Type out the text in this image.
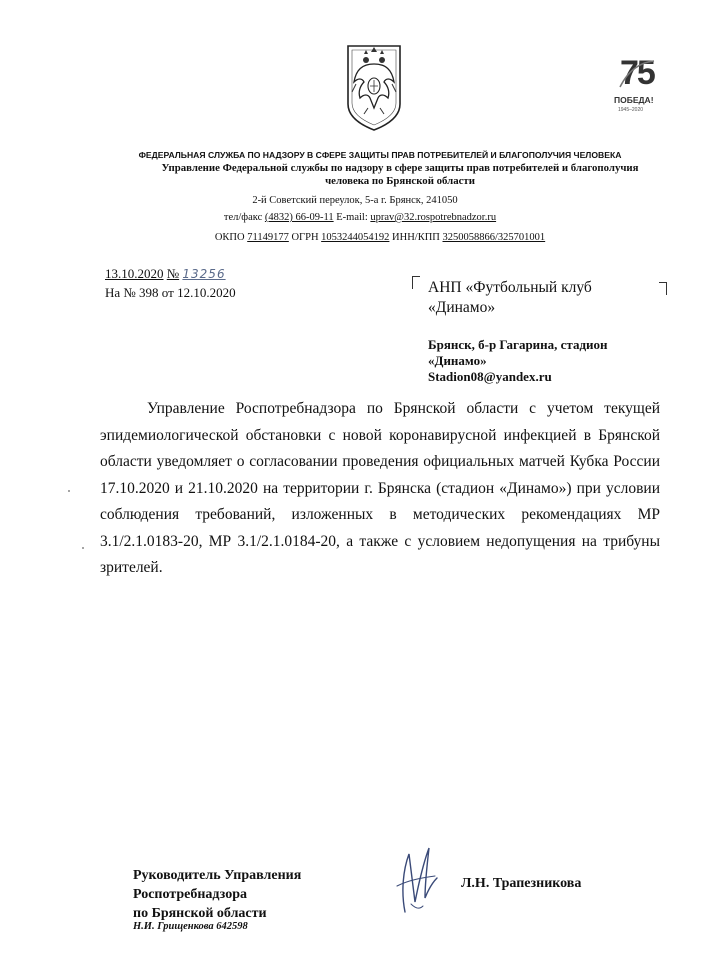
75
ПОБЕДА!
1945–2020
ФЕДЕРАЛЬНАЯ СЛУЖБА ПО НАДЗОРУ В СФЕРЕ ЗАЩИТЫ ПРАВ ПОТРЕБИТЕЛЕЙ И БЛАГОПОЛУЧИЯ ЧЕЛОВЕКА
Управление Федеральной службы по надзору в сфере защиты прав потребителей и благополучия
человека по Брянской области
2-й Советский переулок, 5-а г. Брянск, 241050
тел/факс (4832) 66-09-11 E-mail: uprav@32.rospotrebnadzor.ru
ОКПО 71149177 ОГРН 1053244054192 ИНН/КПП 3250058866/325701001
13.10.2020 № 13256
На № 398 от 12.10.2020	АНП «Футбольный клуб
«Динамо»
Брянск, б-р Гагарина, стадион
«Динамо»
Stadion08@yandex.ru
Управление Роспотребнадзора по Брянской области с учетом текущей эпидемиологической обстановки с новой коронавирусной инфекцией в Брянской области уведомляет о согласовании проведения официальных матчей Кубка России 17.10.2020 и 21.10.2020 на территории г. Брянска (стадион «Динамо») при условии соблюдения требований, изложенных в методических рекомендациях МР 3.1/2.1.0183-20, МР 3.1/2.1.0184-20, а также с условием недопущения на трибуны зрителей.
Руководитель Управления
Роспотребнадзора
по Брянской области
Л.Н. Трапезникова
Н.И. Грищенкова 642598
